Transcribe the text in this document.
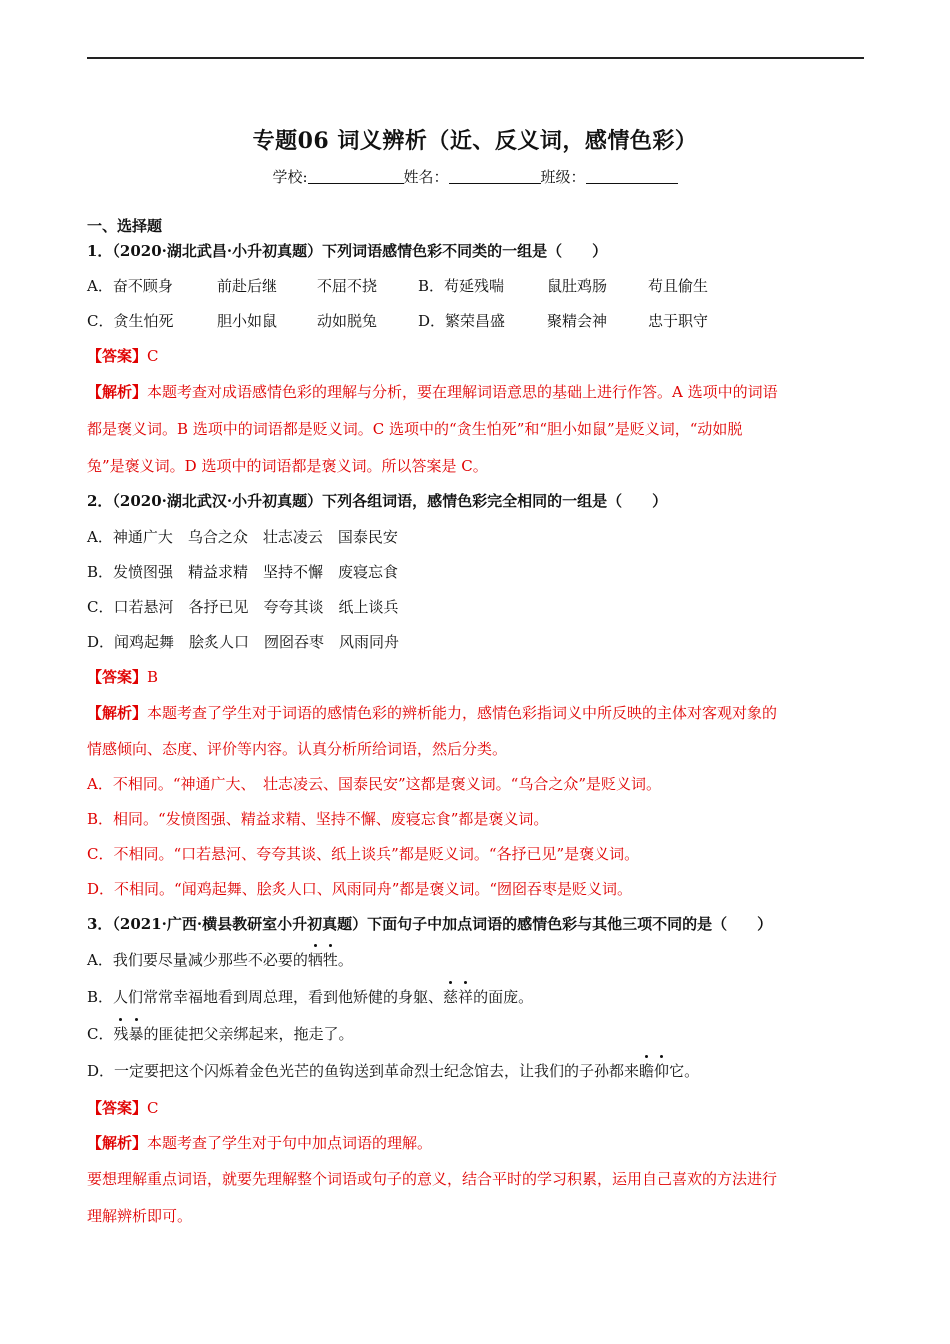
专题06 词义辨析（近、反义词，感情色彩）
学校:	姓名：	班级：
一、选择题
1．（2020·湖北武昌·小升初真题）下列词语感情色彩不同类的一组是（　　）
A．奋不顾身	前赴后继	不屈不挠	B．苟延残喘	鼠肚鸡肠	苟且偷生
C．贪生怕死	胆小如鼠	动如脱兔	D．繁荣昌盛	聚精会神	忠于职守
【答案】C
【解析】本题考查对成语感情色彩的理解与分析，要在理解词语意思的基础上进行作答。A 选项中的词语
都是褒义词。B 选项中的词语都是贬义词。C 选项中的“贪生怕死”和“胆小如鼠”是贬义词，“动如脱
兔”是褒义词。D 选项中的词语都是褒义词。所以答案是 C。
2．（2020·湖北武汉·小升初真题）下列各组词语，感情色彩完全相同的一组是（　　）
A．神通广大　乌合之众　壮志凌云　国泰民安
B．发愤图强　精益求精　坚持不懈　废寝忘食
C．口若悬河　各抒已见　夸夸其谈　纸上谈兵
D．闻鸡起舞　脍炙人口　囫囵吞枣　风雨同舟
【答案】B
【解析】本题考查了学生对于词语的感情色彩的辨析能力，感情色彩指词义中所反映的主体对客观对象的
情感倾向、态度、评价等内容。认真分析所给词语，然后分类。
A．不相同。“神通广大、　壮志凌云、国泰民安”这都是褒义词。“乌合之众”是贬义词。
B．相同。“发愤图强、精益求精、坚持不懈、废寝忘食”都是褒义词。
C．不相同。“口若悬河、夸夸其谈、纸上谈兵”都是贬义词。“各抒已见”是褒义词。
D．不相同。“闻鸡起舞、脍炙人口、风雨同舟”都是褒义词。“囫囵吞枣是贬义词。
3．（2021·广西·横县教研室小升初真题）下面句子中加点词语的感情色彩与其他三项不同的是（　　）
A．我们要尽量减少那些不必要的牺牲。
B．人们常常幸福地看到周总理，看到他矫健的身躯、慈祥的面庞。
C．残暴的匪徒把父亲绑起来，拖走了。
D．一定要把这个闪烁着金色光芒的鱼钩送到革命烈士纪念馆去，让我们的子孙都来瞻仰它。
【答案】C
【解析】本题考查了学生对于句中加点词语的理解。
要想理解重点词语，就要先理解整个词语或句子的意义，结合平时的学习积累，运用自己喜欢的方法进行
理解辨析即可。
